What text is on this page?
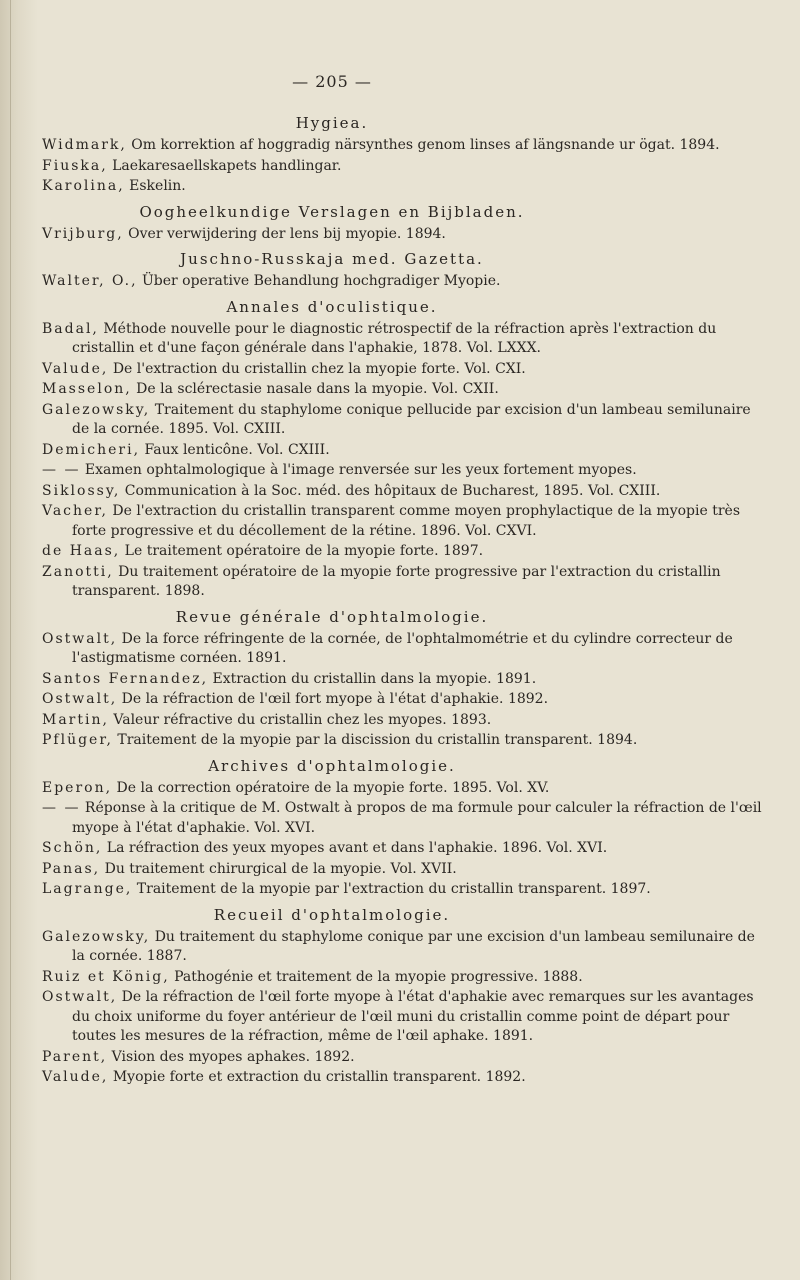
— 205 —
Hygiea.
Widmark, Om korrektion af hoggradig närsynthes genom linses af längsnande ur ögat. 1894.
Fiuska, Laekaresaellskapets handlingar.
Karolina, Eskelin.
Oogheelkundige Verslagen en Bijbladen.
Vrijburg, Over verwijdering der lens bij myopie. 1894.
Juschno-Russkaja med. Gazetta.
Walter, O., Über operative Behandlung hochgradiger Myopie.
Annales d'oculistique.
Badal, Méthode nouvelle pour le diagnostic rétrospectif de la réfraction après l'extraction du cristallin et d'une façon générale dans l'aphakie, 1878. Vol. LXXX.
Valude, De l'extraction du cristallin chez la myopie forte. Vol. CXI.
Masselon, De la sclérectasie nasale dans la myopie. Vol. CXII.
Galezowsky, Traitement du staphylome conique pellucide par excision d'un lambeau semilunaire de la cornée. 1895. Vol. CXIII.
Demicheri, Faux lenticône. Vol. CXIII.
— — Examen ophtalmologique à l'image renversée sur les yeux fortement myopes.
Siklossy, Communication à la Soc. méd. des hôpitaux de Bucharest, 1895. Vol. CXIII.
Vacher, De l'extraction du cristallin transparent comme moyen prophylactique de la myopie très forte progressive et du décollement de la rétine. 1896. Vol. CXVI.
de Haas, Le traitement opératoire de la myopie forte. 1897.
Zanotti, Du traitement opératoire de la myopie forte progressive par l'extraction du cristallin transparent. 1898.
Revue générale d'ophtalmologie.
Ostwalt, De la force réfringente de la cornée, de l'ophtalmométrie et du cylindre correcteur de l'astigmatisme cornéen. 1891.
Santos Fernandez, Extraction du cristallin dans la myopie. 1891.
Ostwalt, De la réfraction de l'œil fort myope à l'état d'aphakie. 1892.
Martin, Valeur réfractive du cristallin chez les myopes. 1893.
Pflüger, Traitement de la myopie par la discission du cristallin transparent. 1894.
Archives d'ophtalmologie.
Eperon, De la correction opératoire de la myopie forte. 1895. Vol. XV.
— — Réponse à la critique de M. Ostwalt à propos de ma formule pour calculer la réfraction de l'œil myope à l'état d'aphakie. Vol. XVI.
Schön, La réfraction des yeux myopes avant et dans l'aphakie. 1896. Vol. XVI.
Panas, Du traitement chirurgical de la myopie. Vol. XVII.
Lagrange, Traitement de la myopie par l'extraction du cristallin transparent. 1897.
Recueil d'ophtalmologie.
Galezowsky, Du traitement du staphylome conique par une excision d'un lambeau semilunaire de la cornée. 1887.
Ruiz et König, Pathogénie et traitement de la myopie progressive. 1888.
Ostwalt, De la réfraction de l'œil forte myope à l'état d'aphakie avec remarques sur les avantages du choix uniforme du foyer antérieur de l'œil muni du cristallin comme point de départ pour toutes les mesures de la réfraction, même de l'œil aphake. 1891.
Parent, Vision des myopes aphakes. 1892.
Valude, Myopie forte et extraction du cristallin transparent. 1892.
